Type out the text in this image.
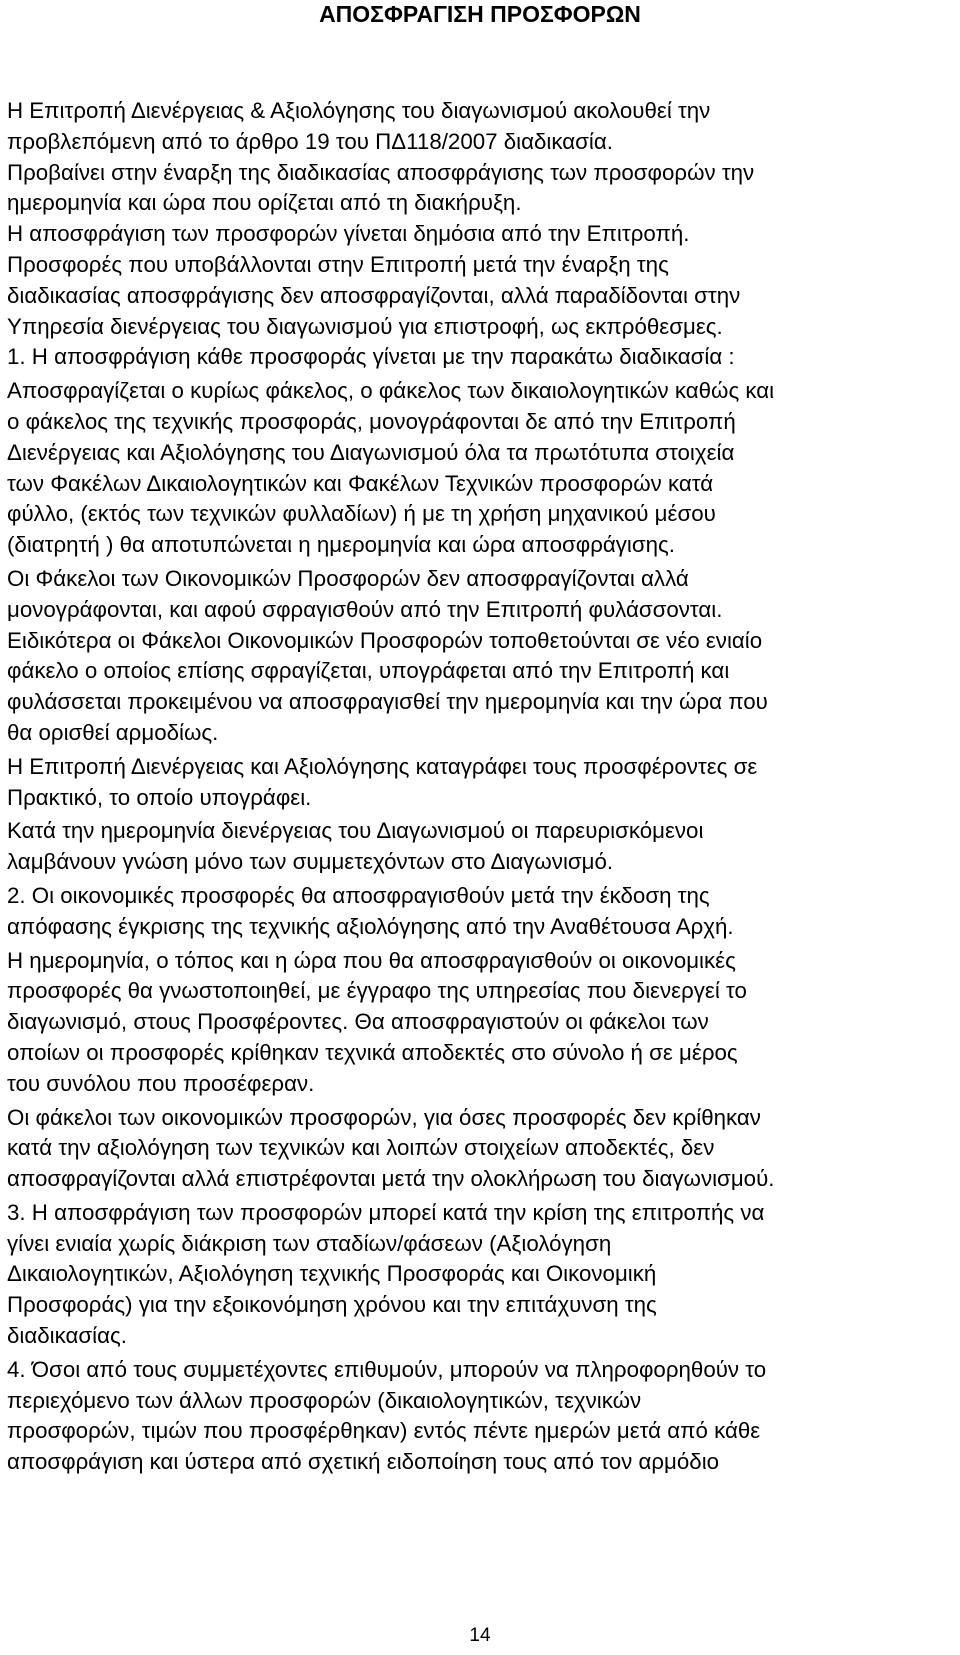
ΑΠΟΣΦΡΑΓΙΣΗ ΠΡΟΣΦΟΡΩΝ

Η Επιτροπή Διενέργειας & Αξιολόγησης του διαγωνισμού ακολουθεί την
προβλεπόμενη από το άρθρο 19 του ΠΔ118/2007 διαδικασία.
Προβαίνει στην έναρξη της διαδικασίας αποσφράγισης των προσφορών την
ημερομηνία και ώρα που ορίζεται από τη διακήρυξη.
Η αποσφράγιση των προσφορών γίνεται δημόσια από την Επιτροπή.
Προσφορές που υποβάλλονται στην Επιτροπή μετά την έναρξη της
διαδικασίας αποσφράγισης δεν αποσφραγίζονται, αλλά παραδίδονται στην
Υπηρεσία διενέργειας του διαγωνισμού για επιστροφή, ως εκπρόθεσμες.

1. Η αποσφράγιση κάθε προσφοράς γίνεται με την παρακάτω διαδικασία :

Αποσφραγίζεται ο κυρίως φάκελος, ο φάκελος των δικαιολογητικών καθώς και
ο φάκελος της τεχνικής προσφοράς, μονογράφονται δε από την Επιτροπή
Διενέργειας και Αξιολόγησης του Διαγωνισμού όλα τα πρωτότυπα στοιχεία
των Φακέλων Δικαιολογητικών και Φακέλων Τεχνικών προσφορών κατά
φύλλο, (εκτός των τεχνικών φυλλαδίων) ή με τη χρήση μηχανικού μέσου
(διατρητή ) θα αποτυπώνεται η ημερομηνία και ώρα αποσφράγισης.

Οι Φάκελοι των Οικονομικών Προσφορών δεν αποσφραγίζονται αλλά
μονογράφονται, και αφού σφραγισθούν από την Επιτροπή φυλάσσονται.
Ειδικότερα οι Φάκελοι Οικονομικών Προσφορών τοποθετούνται σε νέο ενιαίο
φάκελο ο οποίος επίσης σφραγίζεται, υπογράφεται από την Επιτροπή και
φυλάσσεται προκειμένου να αποσφραγισθεί την ημερομηνία και την ώρα που
θα ορισθεί αρμοδίως.

Η Επιτροπή Διενέργειας και Αξιολόγησης καταγράφει τους προσφέροντες σε
Πρακτικό, το οποίο υπογράφει.

Κατά την ημερομηνία διενέργειας του Διαγωνισμού οι παρευρισκόμενοι
λαμβάνουν γνώση μόνο των συμμετεχόντων στο Διαγωνισμό.

2. Οι οικονομικές προσφορές θα αποσφραγισθούν μετά την έκδοση της
απόφασης έγκρισης της τεχνικής αξιολόγησης από την Αναθέτουσα Αρχή.

Η ημερομηνία, ο τόπος και η ώρα που θα αποσφραγισθούν οι οικονομικές
προσφορές θα γνωστοποιηθεί, με έγγραφο της υπηρεσίας που διενεργεί το
διαγωνισμό, στους Προσφέροντες. Θα αποσφραγιστούν οι φάκελοι των
οποίων οι προσφορές κρίθηκαν τεχνικά αποδεκτές στο σύνολο ή σε μέρος
του συνόλου που προσέφεραν.

Οι φάκελοι των οικονομικών προσφορών, για όσες προσφορές δεν κρίθηκαν
κατά την αξιολόγηση των τεχνικών και λοιπών στοιχείων αποδεκτές, δεν
αποσφραγίζονται αλλά επιστρέφονται μετά την ολοκλήρωση του διαγωνισμού.

3. Η αποσφράγιση των προσφορών μπορεί κατά την κρίση της επιτροπής να
γίνει ενιαία χωρίς διάκριση των σταδίων/φάσεων (Αξιολόγηση
Δικαιολογητικών, Αξιολόγηση τεχνικής Προσφοράς και Οικονομική
Προσφοράς) για την εξοικονόμηση χρόνου και την επιτάχυνση της
διαδικασίας.

4. Όσοι από τους συμμετέχοντες επιθυμούν, μπορούν να πληροφορηθούν το
περιεχόμενο των άλλων προσφορών (δικαιολογητικών, τεχνικών
προσφορών, τιμών που προσφέρθηκαν) εντός πέντε ημερών μετά από κάθε
αποσφράγιση και ύστερα από σχετική ειδοποίηση τους από τον αρμόδιο

14
